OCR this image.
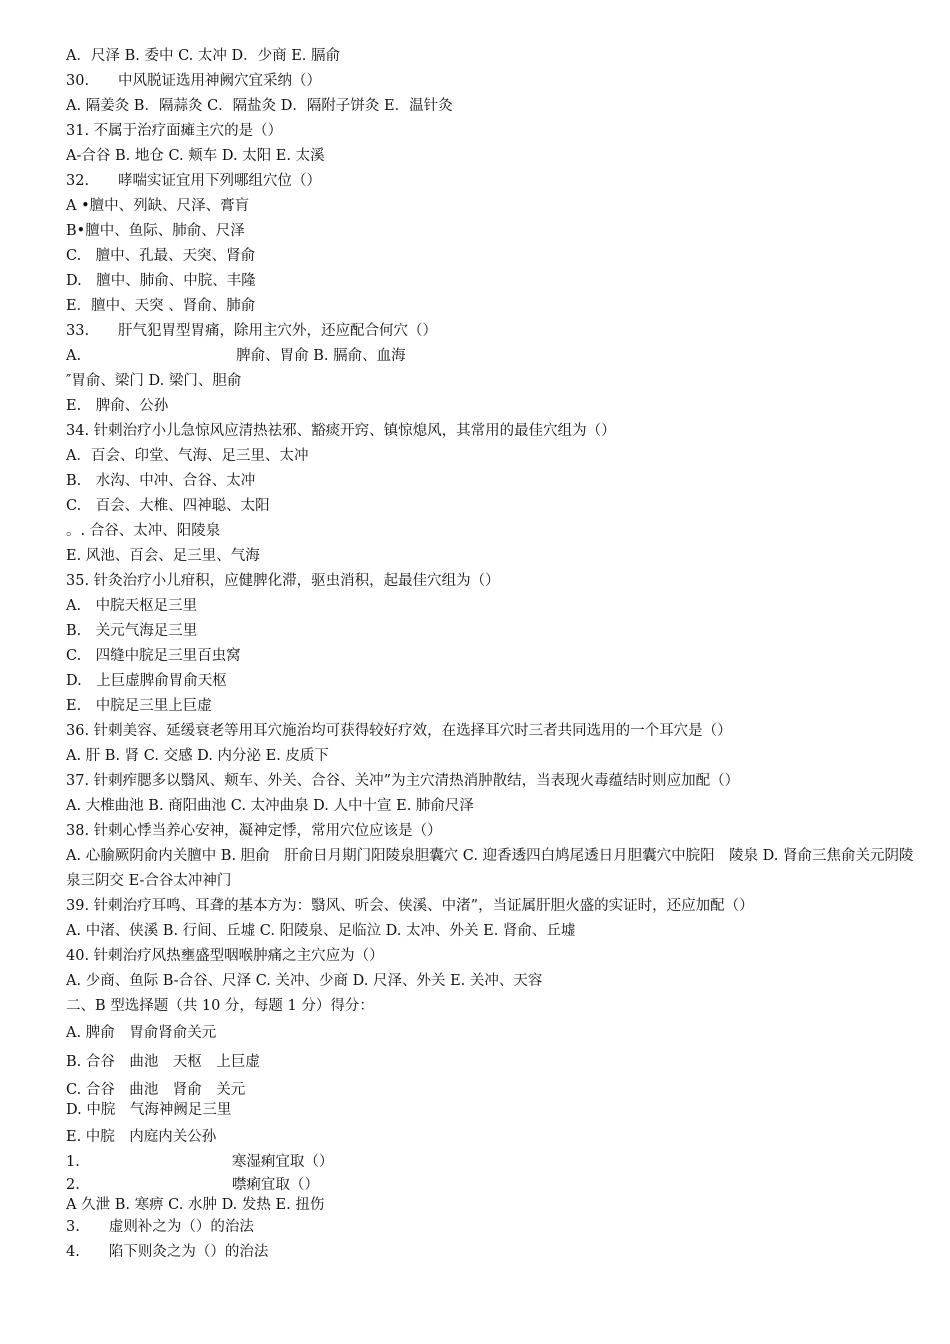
A．尺泽 B. 委中 C. 太冲 D．少商 E. 膈俞
30.　　中风脱证选用神阙穴宜采纳（）
A. 隔姜灸 B．隔蒜灸 C．隔盐灸 D．隔附子饼灸 E．温针灸
31. 不属于治疗面瘫主穴的是（）
A-合谷 B. 地仓 C. 颊车 D. 太阳 E. 太溪
32.　　哮喘实证宜用下列哪组穴位（）
A •膻中、列缺、尺泽、膏肓
B•膻中、鱼际、肺俞、尺泽
C.　膻中、孔最、天突、肾俞
D.　膻中、肺俞、中脘、丰隆
E．膻中、天突 、肾俞、肺俞
33.　　肝气犯胃型胃痛，除用主穴外，还应配合何穴（）
A.	脾俞、胃俞 B. 膈俞、血海
″胃俞、梁门 D. 梁门、胆俞
E.　脾俞、公孙
34. 针刺治疗小儿急惊风应清热祛邪、豁痰开窍、镇惊熄风，其常用的最佳穴组为（）
A．百会、印堂、气海、足三里、太冲
B.　水沟、中冲、合谷、太冲
C.　百会、大椎、四神聪、太阳
。. 合谷、太冲、阳陵泉
E. 风池、百会、足三里、气海
35. 针灸治疗小儿疳积，应健脾化滞，驱虫消积，起最佳穴组为（）
A.　中脘天枢足三里
B.　关元气海足三里
C.　四缝中脘足三里百虫窝
D.　上巨虚脾俞胃俞天枢
E.　中脘足三里上巨虚
36. 针刺美容、延缓衰老等用耳穴施治均可获得较好疗效，在选择耳穴时三者共同选用的一个耳穴是（）
A. 肝 B. 肾 C. 交感 D. 内分泌 E. 皮质下
37. 针刺痄腮多以翳风、颊车、外关、合谷、关冲”为主穴清热消肿散结，当表现火毒蕴结时则应加配（）
A. 大椎曲池 B. 商阳曲池 C. 太冲曲泉 D. 人中十宣 E. 肺俞尺泽
38. 针刺心悸当养心安神，凝神定悸，常用穴位应该是（）
A. 心腧厥阴俞内关膻中 B. 胆俞　肝俞日月期门阳陵泉胆囊穴 C. 迎香透四白鸠尾透日月胆囊穴中脘阳　陵泉 D. 肾俞三焦俞关元阴陵泉三阴交 E-合谷太冲神门
39. 针刺治疗耳鸣、耳聋的基本方为：翳风、听会、侠溪、中渚”，当证属肝胆火盛的实证时，还应加配（）
A. 中渚、侠溪 B. 行间、丘墟 C. 阳陵泉、足临泣 D. 太冲、外关 E. 肾俞、丘墟
40. 针刺治疗风热壅盛型咽喉肿痛之主穴应为（）
A. 少商、鱼际 B-合谷、尺泽 C. 关冲、少商 D. 尺泽、外关 E. 关冲、天容
二、B 型选择题（共 10 分，每题 1 分）得分：
A. 脾俞　胃俞肾俞关元
B. 合谷　曲池　天枢　上巨虚
C. 合谷　曲池　肾俞　关元
D. 中脘　气海神阙足三里
E. 中脘　内庭内关公孙
1.	寒湿痢宜取（）
2.	噤痢宜取（）
A 久泄 B. 寒痹 C. 水肿 D. 发热 E. 扭伤
3.　　虚则补之为（）的治法
4.　　陷下则灸之为（）的治法
